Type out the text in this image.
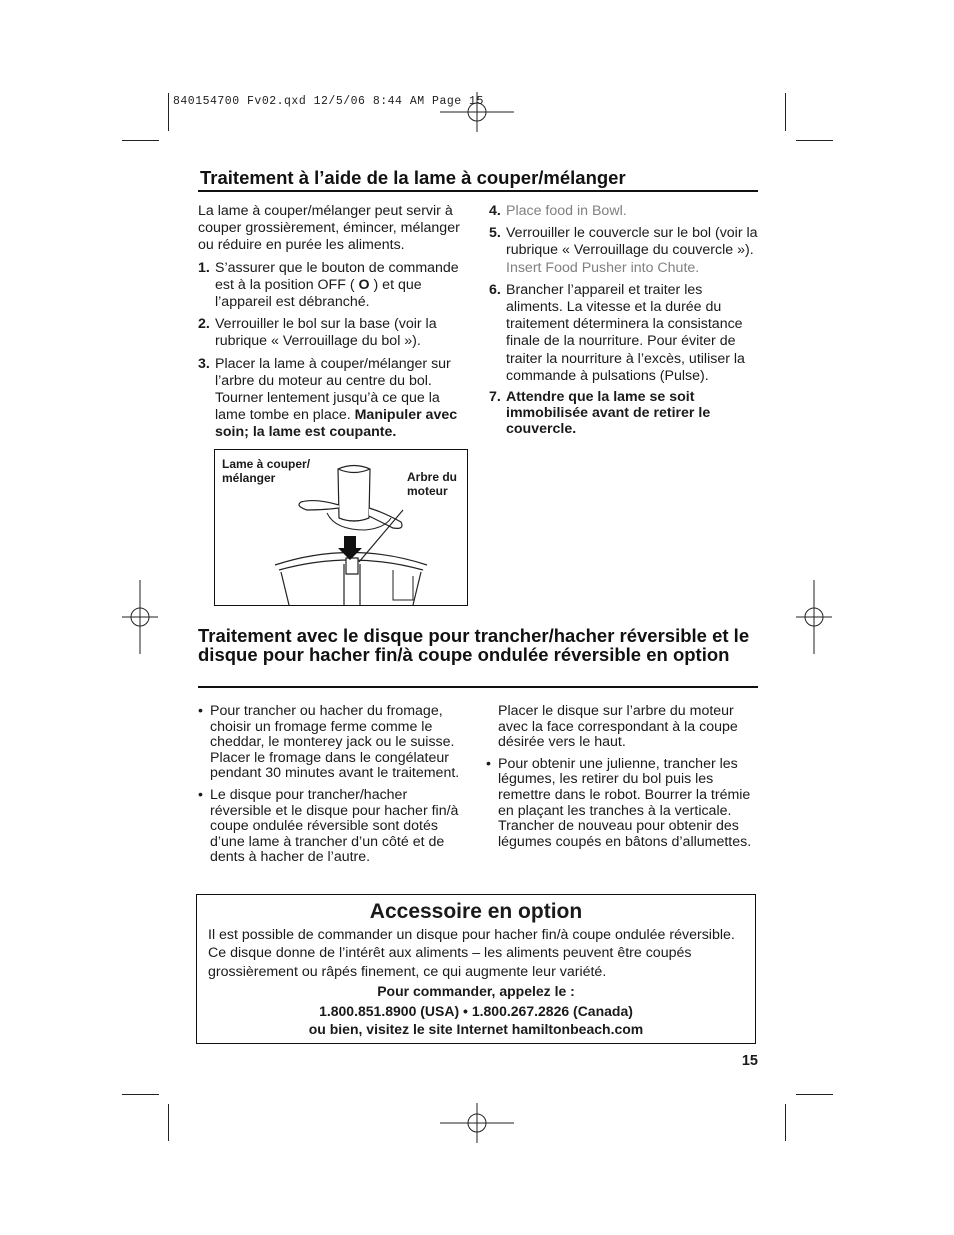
840154700 Fv02.qxd 12/5/06 8:44 AM Page 15
Traitement à l’aide de la lame à couper/mélanger

La lame à couper/mélanger peut servir à couper grossièrement, émincer, mélanger ou réduire en purée les aliments.

1. S’assurer que le bouton de commande est à la position OFF ( O ) et que l’appareil est débranché.
2. Verrouiller le bol sur la base (voir la rubrique « Verrouillage du bol »).
3. Placer la lame à couper/mélanger sur l’arbre du moteur au centre du bol. Tourner lentement jusqu’à ce que la lame tombe en place. Manipuler avec soin; la lame est coupante.
4. Place food in Bowl.
5. Verrouiller le couvercle sur le bol (voir la rubrique « Verrouillage du couvercle »). Insert Food Pusher into Chute.
6. Brancher l’appareil et traiter les aliments. La vitesse et la durée du traitement déterminera la consistance finale de la nourriture. Pour éviter de traiter la nourriture à l’excès, utiliser la commande à pulsations (Pulse).
7. Attendre que la lame se soit immobilisée avant de retirer le couvercle.
Lame à couper/ mélanger	Arbre du moteur
Traitement avec le disque pour trancher/hacher réversible et le disque pour hacher fin/à coupe ondulée réversible en option
• Pour trancher ou hacher du fromage, choisir un fromage ferme comme le cheddar, le monterey jack ou le suisse. Placer le fromage dans le congélateur pendant 30 minutes avant le traitement.
• Le disque pour trancher/hacher réversible et le disque pour hacher fin/à coupe ondulée réversible sont dotés d’une lame à trancher d’un côté et de dents à hacher de l’autre.

Placer le disque sur l’arbre du moteur avec la face correspondant à la coupe désirée vers le haut.

• Pour obtenir une julienne, trancher les légumes, les retirer du bol puis les remettre dans le robot. Bourrer la trémie en plaçant les tranches à la verticale. Trancher de nouveau pour obtenir des légumes coupés en bâtons d’allumettes.
Accessoire en option
Il est possible de commander un disque pour hacher fin/à coupe ondulée réversible. Ce disque donne de l’intérêt aux aliments – les aliments peuvent être coupés grossièrement ou râpés finement, ce qui augmente leur variété.
Pour commander, appelez le :
1.800.851.8900 (USA) • 1.800.267.2826 (Canada)
ou bien, visitez le site Internet hamiltonbeach.com
15
